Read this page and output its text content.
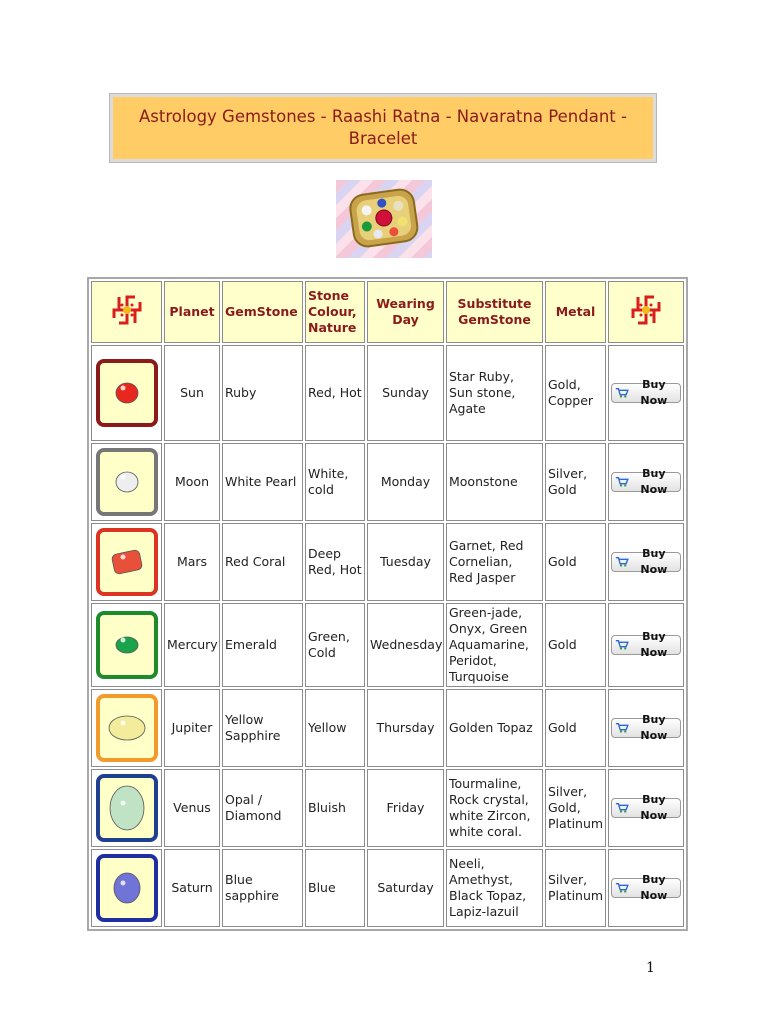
Astrology Gemstones - Raashi Ratna - Navaratna Pendant - Bracelet
	Planet	GemStone	Stone Colour, Nature	Wearing Day	Substitute GemStone	Metal	

	Sun	Ruby	Red, Hot	Sunday	Star Ruby, Sun stone, Agate	Gold, Copper	Buy Now

	Moon	White Pearl	White, cold	Monday	Moonstone	Silver, Gold	Buy Now

	Mars	Red Coral	Deep Red, Hot	Tuesday	Garnet, Red Cornelian, Red Jasper	Gold	Buy Now

	Mercury	Emerald	Green, Cold	Wednesday	Green-jade, Onyx, Green Aquamarine, Peridot, Turquoise	Gold	Buy Now

	Jupiter	Yellow Sapphire	Yellow	Thursday	Golden Topaz	Gold	Buy Now

	Venus	Opal / Diamond	Bluish	Friday	Tourmaline, Rock crystal, white Zircon, white coral.	Silver, Gold, Platinum	Buy Now

	Saturn	Blue sapphire	Blue	Saturday	Neeli, Amethyst, Black Topaz, Lapiz-lazuil	Silver, Platinum	Buy Now
1
